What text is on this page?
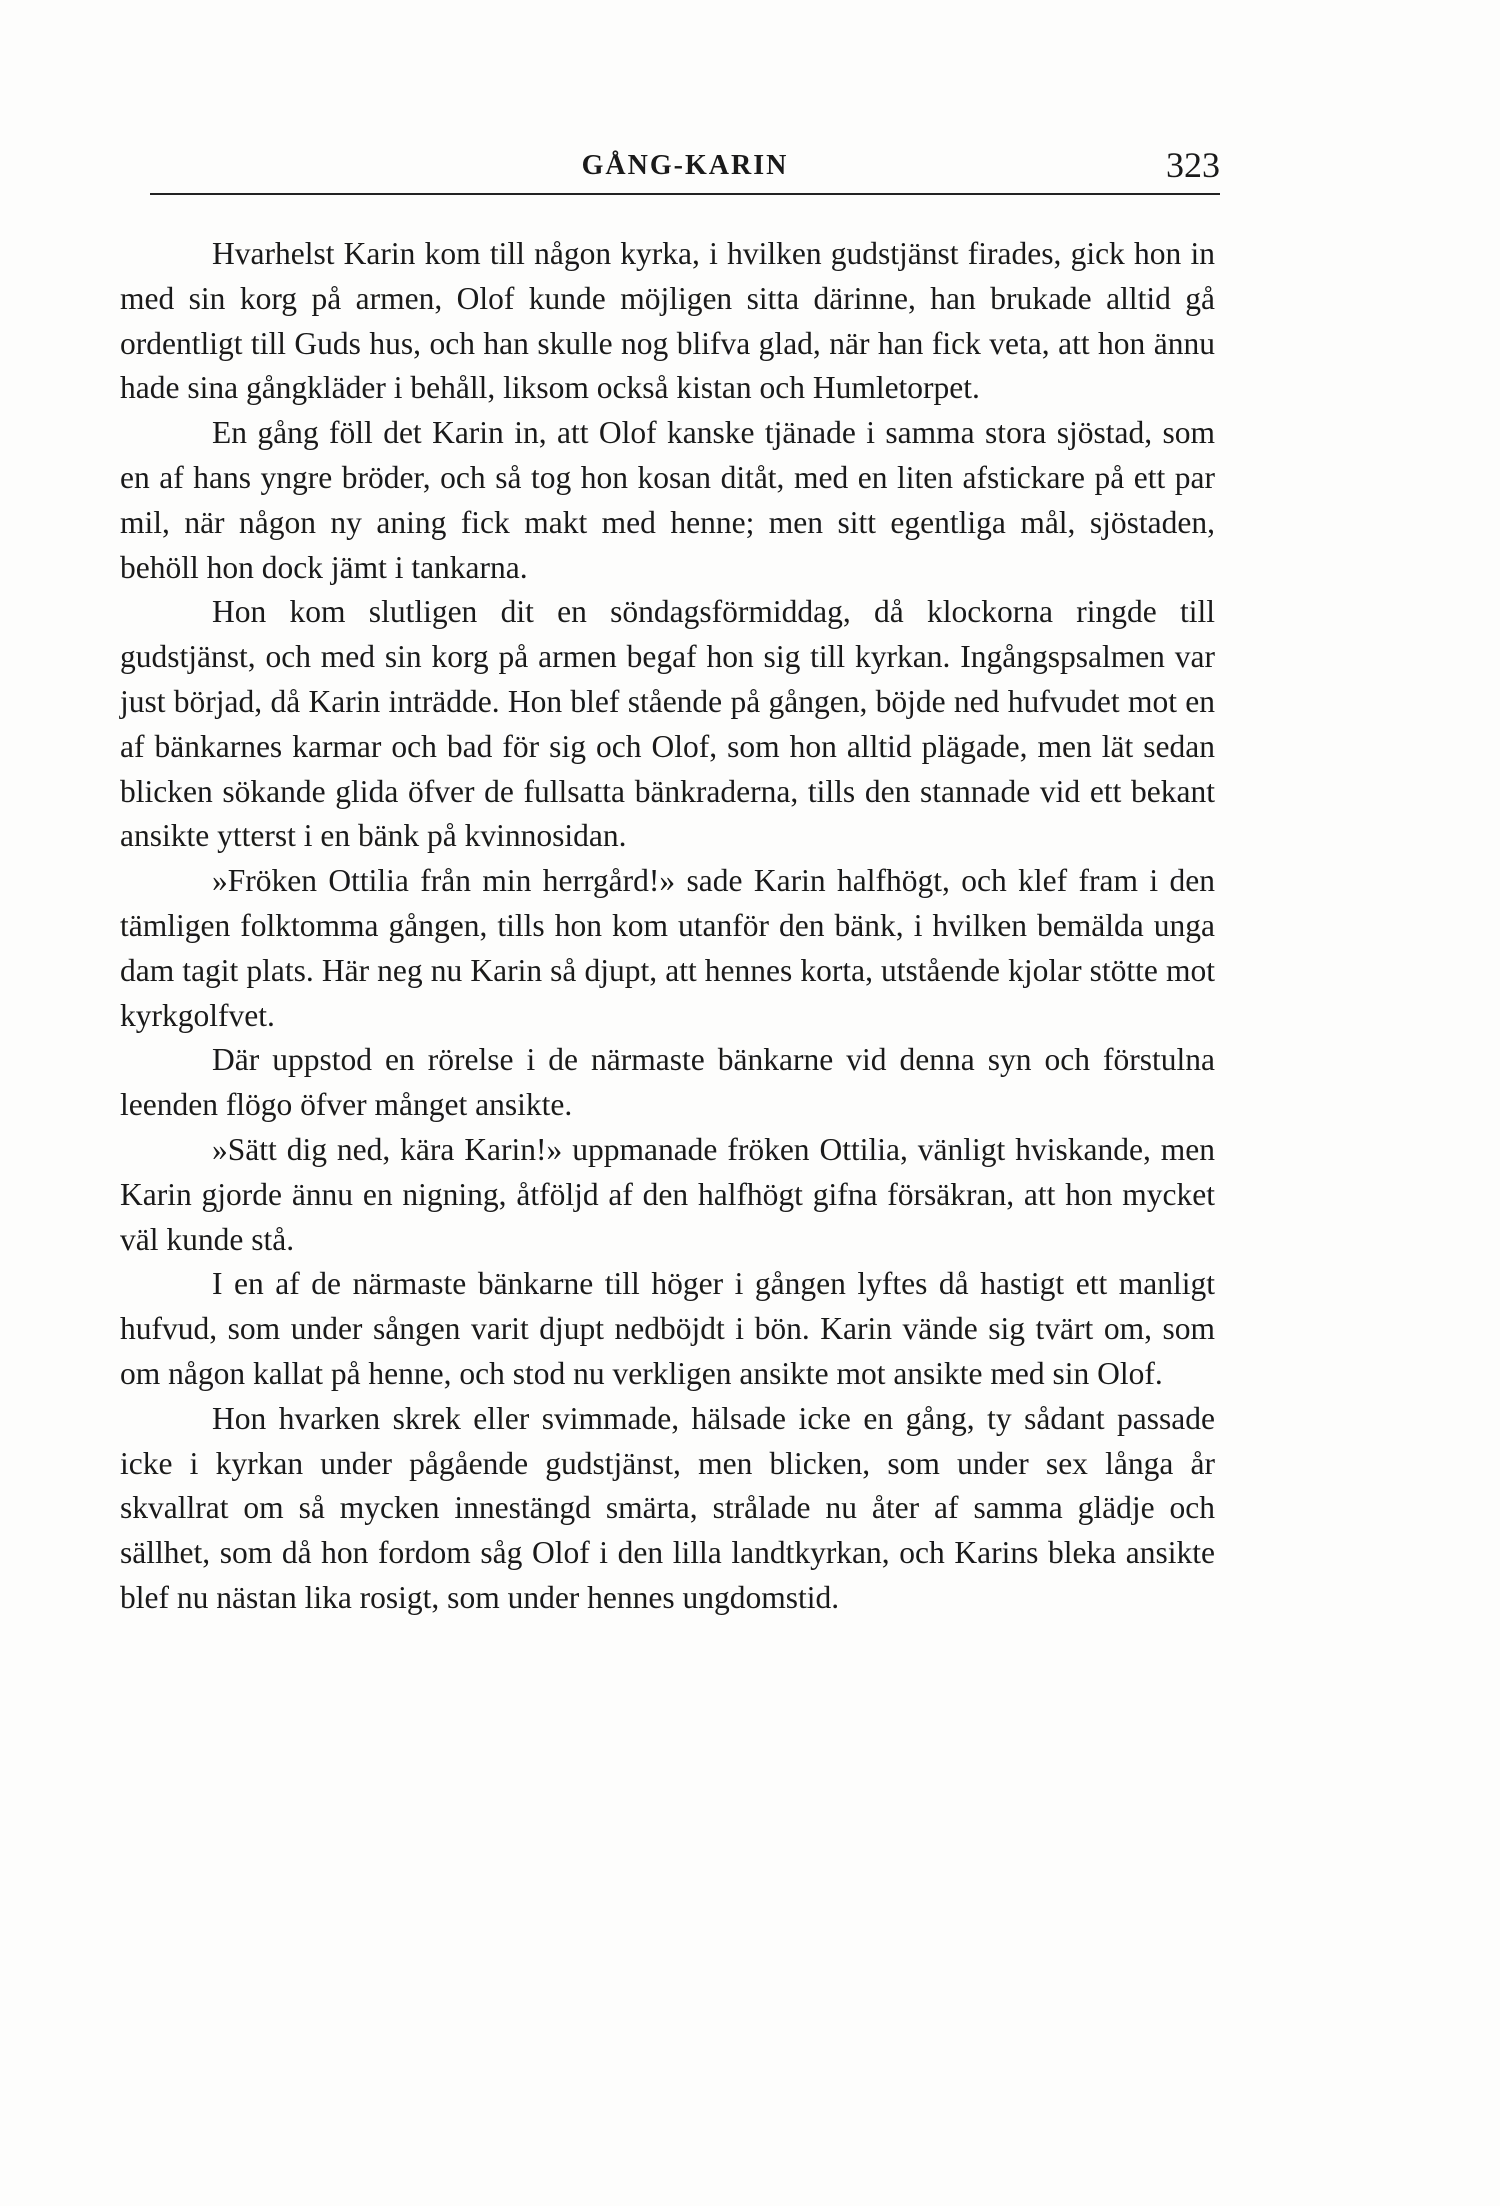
GÅNG-KARIN	323

Hvarhelst Karin kom till någon kyrka, i hvilken gudstjänst firades, gick hon in med sin korg på armen, Olof kunde möjligen sitta därinne, han brukade alltid gå ordentligt till Guds hus, och han skulle nog blifva glad, när han fick veta, att hon ännu hade sina gångkläder i behåll, liksom också kistan och Humletorpet.

En gång föll det Karin in, att Olof kanske tjänade i samma stora sjöstad, som en af hans yngre bröder, och så tog hon kosan ditåt, med en liten afstickare på ett par mil, när någon ny aning fick makt med henne; men sitt egentliga mål, sjöstaden, behöll hon dock jämt i tankarna.

Hon kom slutligen dit en söndagsförmiddag, då klockorna ringde till gudstjänst, och med sin korg på armen begaf hon sig till kyrkan. Ingångspsalmen var just börjad, då Karin inträdde. Hon blef stående på gången, böjde ned hufvudet mot en af bänkarnes karmar och bad för sig och Olof, som hon alltid plägade, men lät sedan blicken sökande glida öfver de fullsatta bänkraderna, tills den stannade vid ett bekant ansikte ytterst i en bänk på kvinnosidan.

»Fröken Ottilia från min herrgård!» sade Karin halfhögt, och klef fram i den tämligen folktomma gången, tills hon kom utanför den bänk, i hvilken bemälda unga dam tagit plats. Här neg nu Karin så djupt, att hennes korta, utstående kjolar stötte mot kyrkgolfvet.

Där uppstod en rörelse i de närmaste bänkarne vid denna syn och förstulna leenden flögo öfver månget ansikte.

»Sätt dig ned, kära Karin!» uppmanade fröken Ottilia, vänligt hviskande, men Karin gjorde ännu en nigning, åtföljd af den halfhögt gifna försäkran, att hon mycket väl kunde stå.

I en af de närmaste bänkarne till höger i gången lyftes då hastigt ett manligt hufvud, som under sången varit djupt nedböjdt i bön. Karin vände sig tvärt om, som om någon kallat på henne, och stod nu verkligen ansikte mot ansikte med sin Olof.

Hon hvarken skrek eller svimmade, hälsade icke en gång, ty sådant passade icke i kyrkan under pågående gudstjänst, men blicken, som under sex långa år skvallrat om så mycken innestängd smärta, strålade nu åter af samma glädje och sällhet, som då hon fordom såg Olof i den lilla landtkyrkan, och Karins bleka ansikte blef nu nästan lika rosigt, som under hennes ungdomstid.
